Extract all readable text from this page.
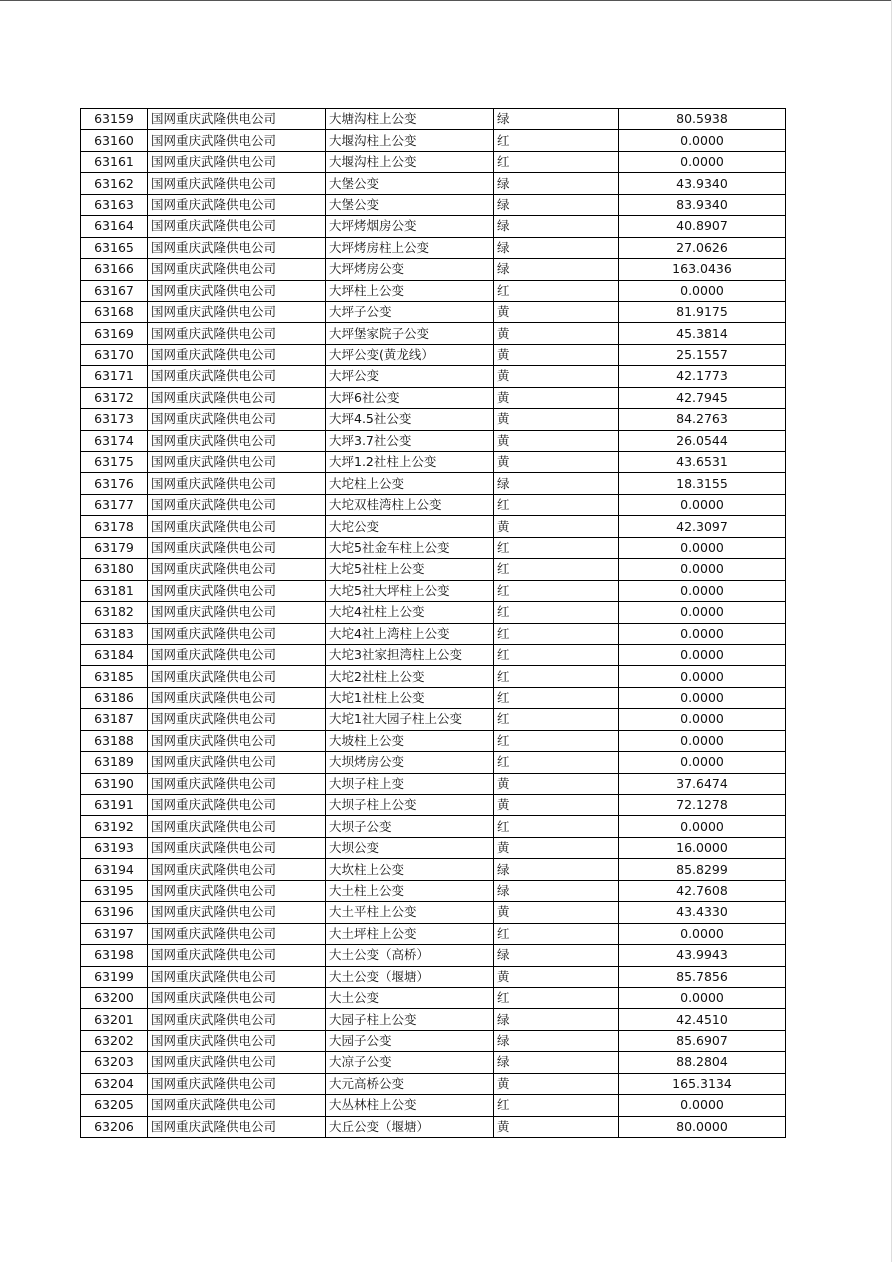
63159	国网重庆武隆供电公司	大塘沟柱上公变	绿	80.5938
63160	国网重庆武隆供电公司	大堰沟柱上公变	红	0.0000
63161	国网重庆武隆供电公司	大堰沟柱上公变	红	0.0000
63162	国网重庆武隆供电公司	大堡公变	绿	43.9340
63163	国网重庆武隆供电公司	大堡公变	绿	83.9340
63164	国网重庆武隆供电公司	大坪烤烟房公变	绿	40.8907
63165	国网重庆武隆供电公司	大坪烤房柱上公变	绿	27.0626
63166	国网重庆武隆供电公司	大坪烤房公变	绿	163.0436
63167	国网重庆武隆供电公司	大坪柱上公变	红	0.0000
63168	国网重庆武隆供电公司	大坪子公变	黄	81.9175
63169	国网重庆武隆供电公司	大坪堡家院子公变	黄	45.3814
63170	国网重庆武隆供电公司	大坪公变(黄龙线）	黄	25.1557
63171	国网重庆武隆供电公司	大坪公变	黄	42.1773
63172	国网重庆武隆供电公司	大坪6社公变	黄	42.7945
63173	国网重庆武隆供电公司	大坪4.5社公变	黄	84.2763
63174	国网重庆武隆供电公司	大坪3.7社公变	黄	26.0544
63175	国网重庆武隆供电公司	大坪1.2社柱上公变	黄	43.6531
63176	国网重庆武隆供电公司	大坨柱上公变	绿	18.3155
63177	国网重庆武隆供电公司	大坨双桂湾柱上公变	红	0.0000
63178	国网重庆武隆供电公司	大坨公变	黄	42.3097
63179	国网重庆武隆供电公司	大坨5社金车柱上公变	红	0.0000
63180	国网重庆武隆供电公司	大坨5社柱上公变	红	0.0000
63181	国网重庆武隆供电公司	大坨5社大坪柱上公变	红	0.0000
63182	国网重庆武隆供电公司	大坨4社柱上公变	红	0.0000
63183	国网重庆武隆供电公司	大坨4社上湾柱上公变	红	0.0000
63184	国网重庆武隆供电公司	大坨3社家担湾柱上公变	红	0.0000
63185	国网重庆武隆供电公司	大坨2社柱上公变	红	0.0000
63186	国网重庆武隆供电公司	大坨1社柱上公变	红	0.0000
63187	国网重庆武隆供电公司	大坨1社大园子柱上公变	红	0.0000
63188	国网重庆武隆供电公司	大坡柱上公变	红	0.0000
63189	国网重庆武隆供电公司	大坝烤房公变	红	0.0000
63190	国网重庆武隆供电公司	大坝子柱上变	黄	37.6474
63191	国网重庆武隆供电公司	大坝子柱上公变	黄	72.1278
63192	国网重庆武隆供电公司	大坝子公变	红	0.0000
63193	国网重庆武隆供电公司	大坝公变	黄	16.0000
63194	国网重庆武隆供电公司	大坎柱上公变	绿	85.8299
63195	国网重庆武隆供电公司	大土柱上公变	绿	42.7608
63196	国网重庆武隆供电公司	大土平柱上公变	黄	43.4330
63197	国网重庆武隆供电公司	大土坪柱上公变	红	0.0000
63198	国网重庆武隆供电公司	大土公变（高桥）	绿	43.9943
63199	国网重庆武隆供电公司	大土公变（堰塘）	黄	85.7856
63200	国网重庆武隆供电公司	大土公变	红	0.0000
63201	国网重庆武隆供电公司	大园子柱上公变	绿	42.4510
63202	国网重庆武隆供电公司	大园子公变	绿	85.6907
63203	国网重庆武隆供电公司	大凉子公变	绿	88.2804
63204	国网重庆武隆供电公司	大元高桥公变	黄	165.3134
63205	国网重庆武隆供电公司	大丛林柱上公变	红	0.0000
63206	国网重庆武隆供电公司	大丘公变（堰塘）	黄	80.0000
